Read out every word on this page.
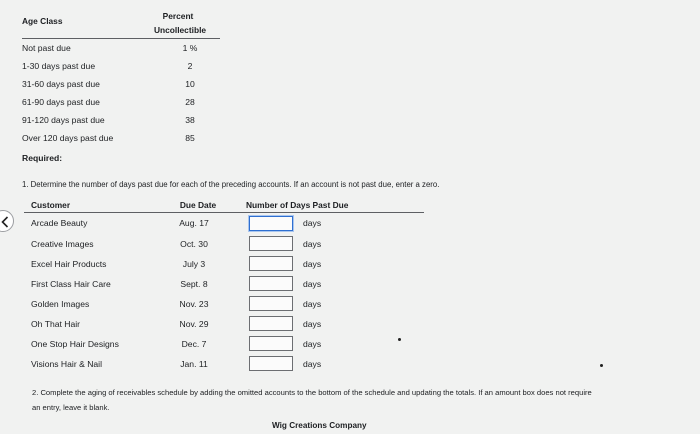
Age Class	Percent
Uncollectible
Not past due	1 %
1-30 days past due	2
31-60 days past due	10
61-90 days past due	28
91-120 days past due	38
Over 120 days past due	85
Required:
1. Determine the number of days past due for each of the preceding accounts. If an account is not past due, enter a zero.
Customer	Due Date	Number of Days Past Due
Arcade Beauty	Aug. 17	days
Creative Images	Oct. 30	days
Excel Hair Products	July 3	days
First Class Hair Care	Sept. 8	days
Golden Images	Nov. 23	days
Oh That Hair	Nov. 29	days
One Stop Hair Designs	Dec. 7	days
Visions Hair & Nail	Jan. 11	days
2. Complete the aging of receivables schedule by adding the omitted accounts to the bottom of the schedule and updating the totals. If an amount box does not require
an entry, leave it blank.
Wig Creations Company
